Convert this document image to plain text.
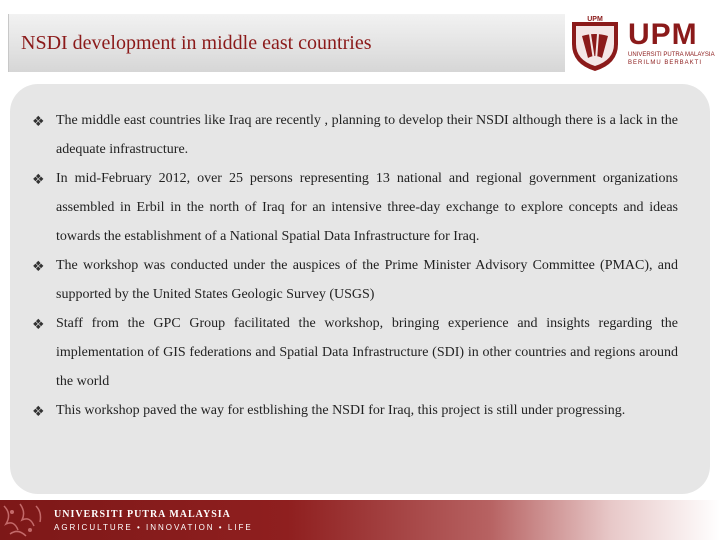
NSDI development in middle east countries
UPM UPM
UNIVERSITI PUTRA MALAYSIA
BERILMU BERBAKTI
❖ The middle east countries like Iraq are recently , planning to develop their NSDI although there is a lack in the adequate infrastructure.
❖ In mid-February 2012, over 25 persons representing 13 national and regional government organizations assembled in Erbil in the north of Iraq for an intensive three-day exchange to explore concepts and ideas towards the establishment of a National Spatial Data Infrastructure for Iraq.
❖ The workshop was conducted under the auspices of the Prime Minister Advisory Committee (PMAC), and supported by the United States Geologic Survey (USGS)
❖ Staff from the GPC Group facilitated the workshop, bringing experience and insights regarding the implementation of GIS federations and Spatial Data Infrastructure (SDI) in other countries and regions around the world
❖ This workshop paved the way for estblishing the NSDI for Iraq, this project is still under progressing.
UNIVERSITI PUTRA MALAYSIA
AGRICULTURE • INNOVATION • LIFE
